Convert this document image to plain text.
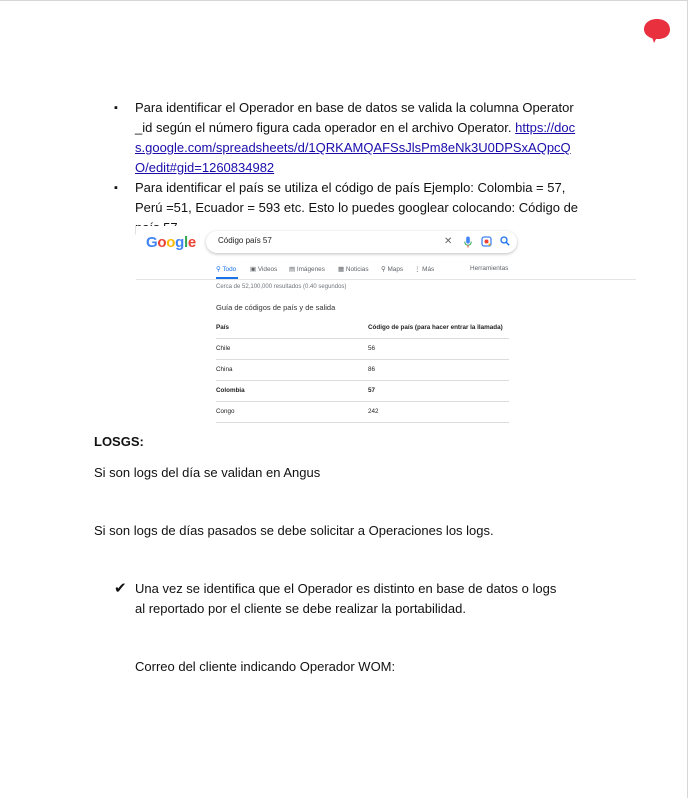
▪ Para identificar el Operador en base de datos se valida la columna Operator _id según el número figura cada operador en el archivo Operator. https://docs.google.com/spreadsheets/d/1QRKAMQAFSsJlsPm8eNk3U0DPSxAQpcQO/edit#gid=1260834982
▪ Para identificar el país se utiliza el código de país Ejemplo: Colombia = 57, Perú =51, Ecuador = 593 etc. Esto lo puedes googlear colocando: Código de
Google	Código país 57	✕
⚲ Todo ▣ Videos ▤ Imágenes ▦ Noticias ⚲ Maps ⋮ Más	Herramientas
Cerca de 52,100,000 resultados (0.40 segundos)
Guía de códigos de país y de salida
País	Código de país (para hacer entrar la llamada)
Chile	56
China	86
Colombia	57
Congo	242
LOSGS:
Si son logs del día se validan en Angus
Si son logs de días pasados se debe solicitar a Operaciones los logs.
✔ Una vez se identifica que el Operador es distinto en base de datos o logs al reportado por el cliente se debe realizar la portabilidad.
Correo del cliente indicando Operador WOM:
